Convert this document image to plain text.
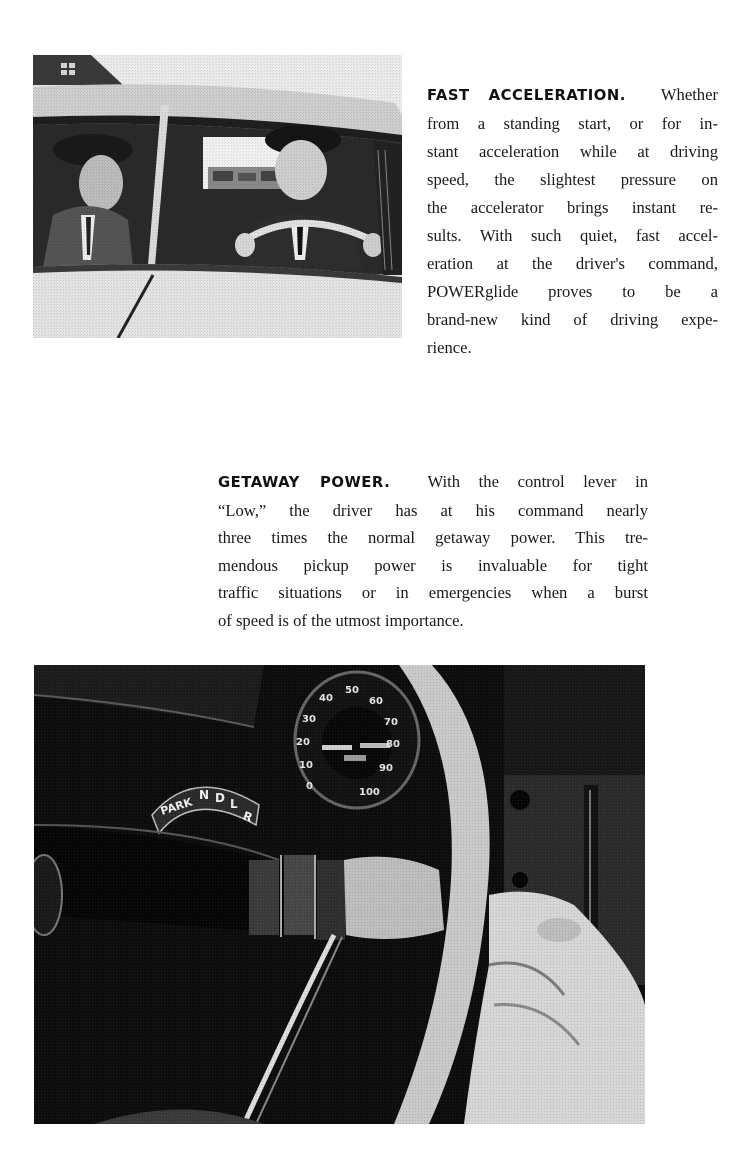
FAST ACCELERATION. Whether
from a standing start, or for in-
stant acceleration while at driving
speed, the slightest pressure on
the accelerator brings instant re-
sults. With such quiet, fast accel-
eration at the driver's command,
POWERglide proves to be a
brand-new kind of driving expe-
rience.
GETAWAY POWER. With the control lever in
“Low,” the driver has at his command nearly
three times the normal getaway power. This tre-
mendous pickup power is invaluable for tight
traffic situations or in emergencies when a burst
of speed is of the utmost importance.
